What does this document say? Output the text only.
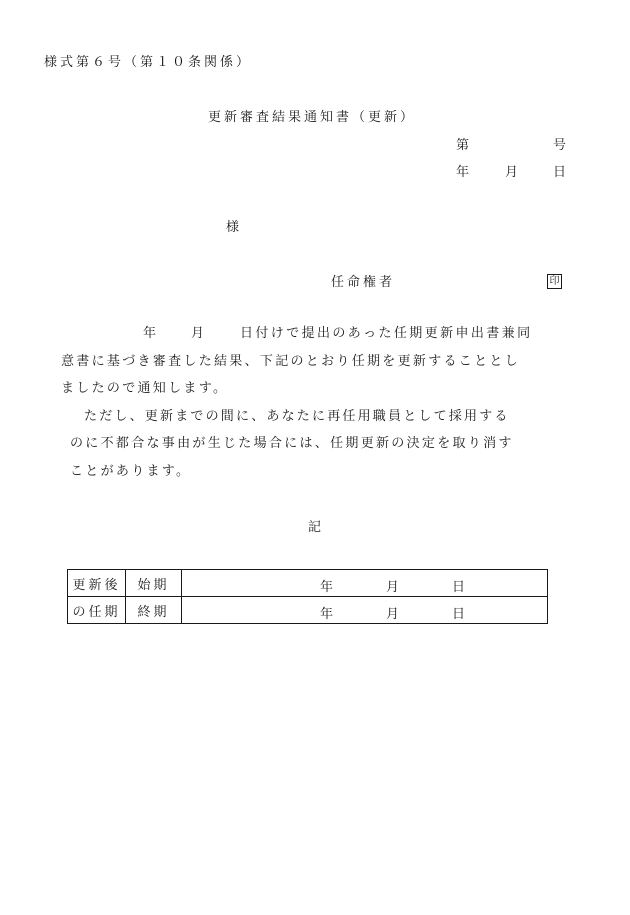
様式第６号（第１０条関係）
更新審査結果通知書（更新）
第	号
年	月 日
様
任命権者	印
年 月	日付けで提出のあった任期更新申出書兼同
意書に基づき審査した結果、下記のとおり任期を更新することとし
ましたので通知します。
ただし、更新までの間に、あなたに再任用職員として採用する
のに不都合な事由が生じた場合には、任期更新の決定を取り消す
ことがあります。
記
更新後	始期	年 月 日

の任期	終期	年 月 日
